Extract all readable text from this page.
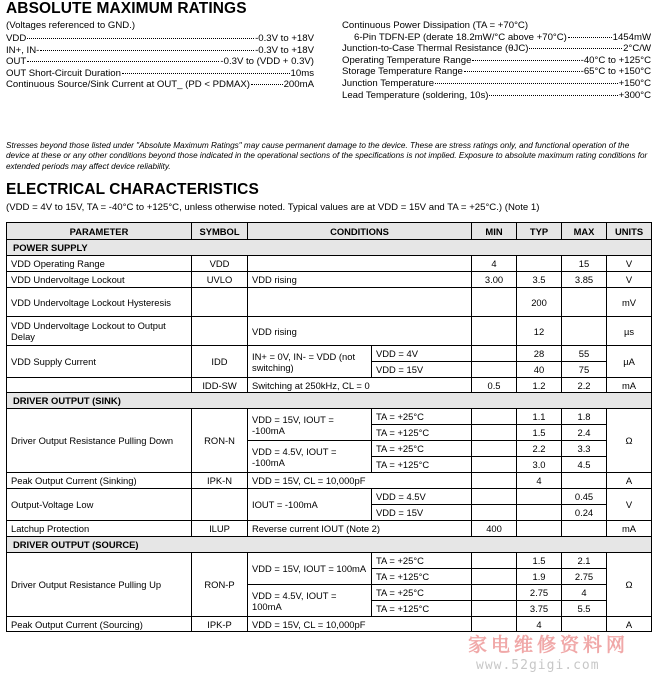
ABSOLUTE MAXIMUM RATINGS
(Voltages referenced to GND.)
VDD	-0.3V to +18V
IN+, IN-	-0.3V to +18V
OUT	-0.3V to (VDD + 0.3V)
OUT Short-Circuit Duration	10ms
Continuous Source/Sink Current at OUT_ (PD < PDMAX)	200mA
Continuous Power Dissipation (TA = +70°C)
6-Pin TDFN-EP (derate 18.2mW/°C above +70°C)	1454mW
Junction-to-Case Thermal Resistance (θJC)	2°C/W
Operating Temperature Range	-40°C to +125°C
Storage Temperature Range	-65°C to +150°C
Junction Temperature	+150°C
Lead Temperature (soldering, 10s)	+300°C
Stresses beyond those listed under "Absolute Maximum Ratings" may cause permanent damage to the device. These are stress ratings only, and functional operation of the device at these or any other conditions beyond those indicated in the operational sections of the specifications is not implied. Exposure to absolute maximum rating conditions for extended periods may affect device reliability.
ELECTRICAL CHARACTERISTICS
(VDD = 4V to 15V, TA = -40°C to +125°C, unless otherwise noted. Typical values are at VDD = 15V and TA = +25°C.) (Note 1)
PARAMETER	SYMBOL	CONDITIONS		MIN	TYP	MAX	UNITS
POWER SUPPLY							
VDD Operating Range	VDD			4		15	V
VDD Undervoltage Lockout	UVLO	VDD rising		3.00	3.5	3.85	V
VDD Undervoltage Lockout Hysteresis					200		mV
VDD Undervoltage Lockout to Output Delay		VDD rising			12		µs
VDD Supply Current	IDD	IN+ = 0V, IN- = VDD (not switching)	VDD = 4V		28	55	µA
			VDD = 15V		40	75	
	IDD-SW	Switching at 250kHz, CL = 0		0.5	1.2	2.2	mA
DRIVER OUTPUT (SINK)							
Driver Output Resistance Pulling Down	RON-N	VDD = 15V, IOUT = -100mA	TA = +25°C		1.1	1.8	Ω
			TA = +125°C		1.5	2.4	
		VDD = 4.5V, IOUT = -100mA	TA = +25°C		2.2	3.3	
			TA = +125°C		3.0	4.5	
Peak Output Current (Sinking)	IPK-N	VDD = 15V, CL = 10,000pF			4		A
Output-Voltage Low		IOUT = -100mA	VDD = 4.5V			0.45	V
			VDD = 15V			0.24	
Latchup Protection	ILUP	Reverse current IOUT (Note 2)		400			mA
DRIVER OUTPUT (SOURCE)							
Driver Output Resistance Pulling Up	RON-P	VDD = 15V, IOUT = 100mA	TA = +25°C		1.5	2.1	Ω
			TA = +125°C		1.9	2.75	
		VDD = 4.5V, IOUT = 100mA	TA = +25°C		2.75	4	
			TA = +125°C		3.75	5.5	
Peak Output Current (Sourcing)	IPK-P	VDD = 15V, CL = 10,000pF			4		A
家电维修资料网
www.52gigi.com
